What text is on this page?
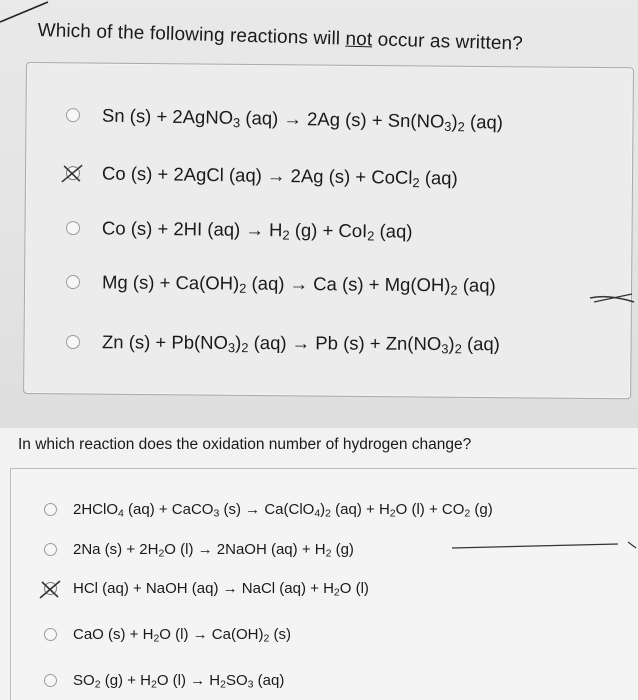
Which of the following reactions will not occur as written?
Sn (s) + 2AgNO$_3$ (aq) → 2Ag $(s) + Sn(NO_3)_2$ (aq)
Co (s) + 2AgCl (aq) → 2Ag (s) + CoCl$_2$ (aq)
Co (s) + 2HI $(aq) \to H_2$ (g) + CoI$_2$ (aq)
Mg $(s) + Ca(OH)_2$ (aq) → Ca $(s) + Mg(OH)_2$ (aq)
Zn $(s) + Pb(NO_3)_2$ (aq) → Pb $(s) + Zn(NO_3)_2$ (aq)
In which reaction does the oxidation number of hydrogen change?
2HClO$_4$ (aq) + CaCO$_3$ $(s) \to Ca(ClO_4)_2$ $(aq) + H_2O$ $(l) + CO_2$ (g)
2Na $(s) + 2H_2O$ (l) → 2NaOH $(aq) + H_2$ (g)
HCl (aq) + NaOH (aq) → NaCl $(aq) + H_2O$ (l)
CaO $(s) + H_2O$ $(l) \to Ca(OH)_2$ (s)
$SO_2$ $(g) + H_2O$ $(l) \to H_2SO_3$ (aq)
